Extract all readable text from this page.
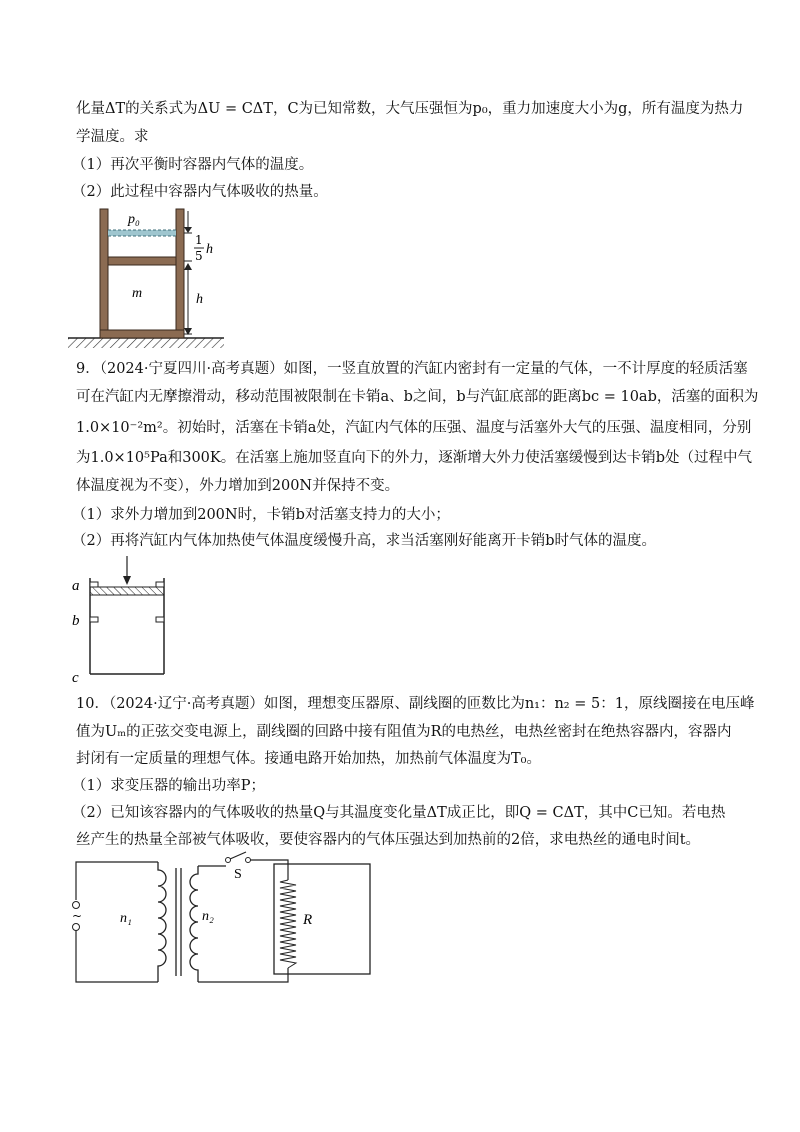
化量ΔT的关系式为ΔU = CΔT，C为已知常数，大气压强恒为p₀，重力加速度大小为g，所有温度为热力
学温度。求
（1）再次平衡时容器内气体的温度。
（2）此过程中容器内气体吸收的热量。
p₀
m
1
5 h
h
9．（2024·宁夏四川·高考真题）如图，一竖直放置的汽缸内密封有一定量的气体，一不计厚度的轻质活塞
可在汽缸内无摩擦滑动，移动范围被限制在卡销a、b之间，b与汽缸底部的距离bc = 10ab，活塞的面积为
1.0×10⁻²m²。初始时，活塞在卡销a处，汽缸内气体的压强、温度与活塞外大气的压强、温度相同，分别
为1.0×10⁵Pa和300K。在活塞上施加竖直向下的外力，逐渐增大外力使活塞缓慢到达卡销b处（过程中气
体温度视为不变），外力增加到200N并保持不变。
（1）求外力增加到200N时，卡销b对活塞支持力的大小；
（2）再将汽缸内气体加热使气体温度缓慢升高，求当活塞刚好能离开卡销b时气体的温度。
a
b
c
10．（2024·辽宁·高考真题）如图，理想变压器原、副线圈的匝数比为n₁：n₂ = 5：1，原线圈接在电压峰
值为Uₘ的正弦交变电源上，副线圈的回路中接有阻值为R的电热丝，电热丝密封在绝热容器内，容器内
封闭有一定质量的理想气体。接通电路开始加热，加热前气体温度为T₀。
（1）求变压器的输出功率P；
（2）已知该容器内的气体吸收的热量Q与其温度变化量ΔT成正比，即Q = CΔT，其中C已知。若电热
丝产生的热量全部被气体吸收，要使容器内的气体压强达到加热前的2倍，求电热丝的通电时间t。
~
S
R
n₁	n₂
